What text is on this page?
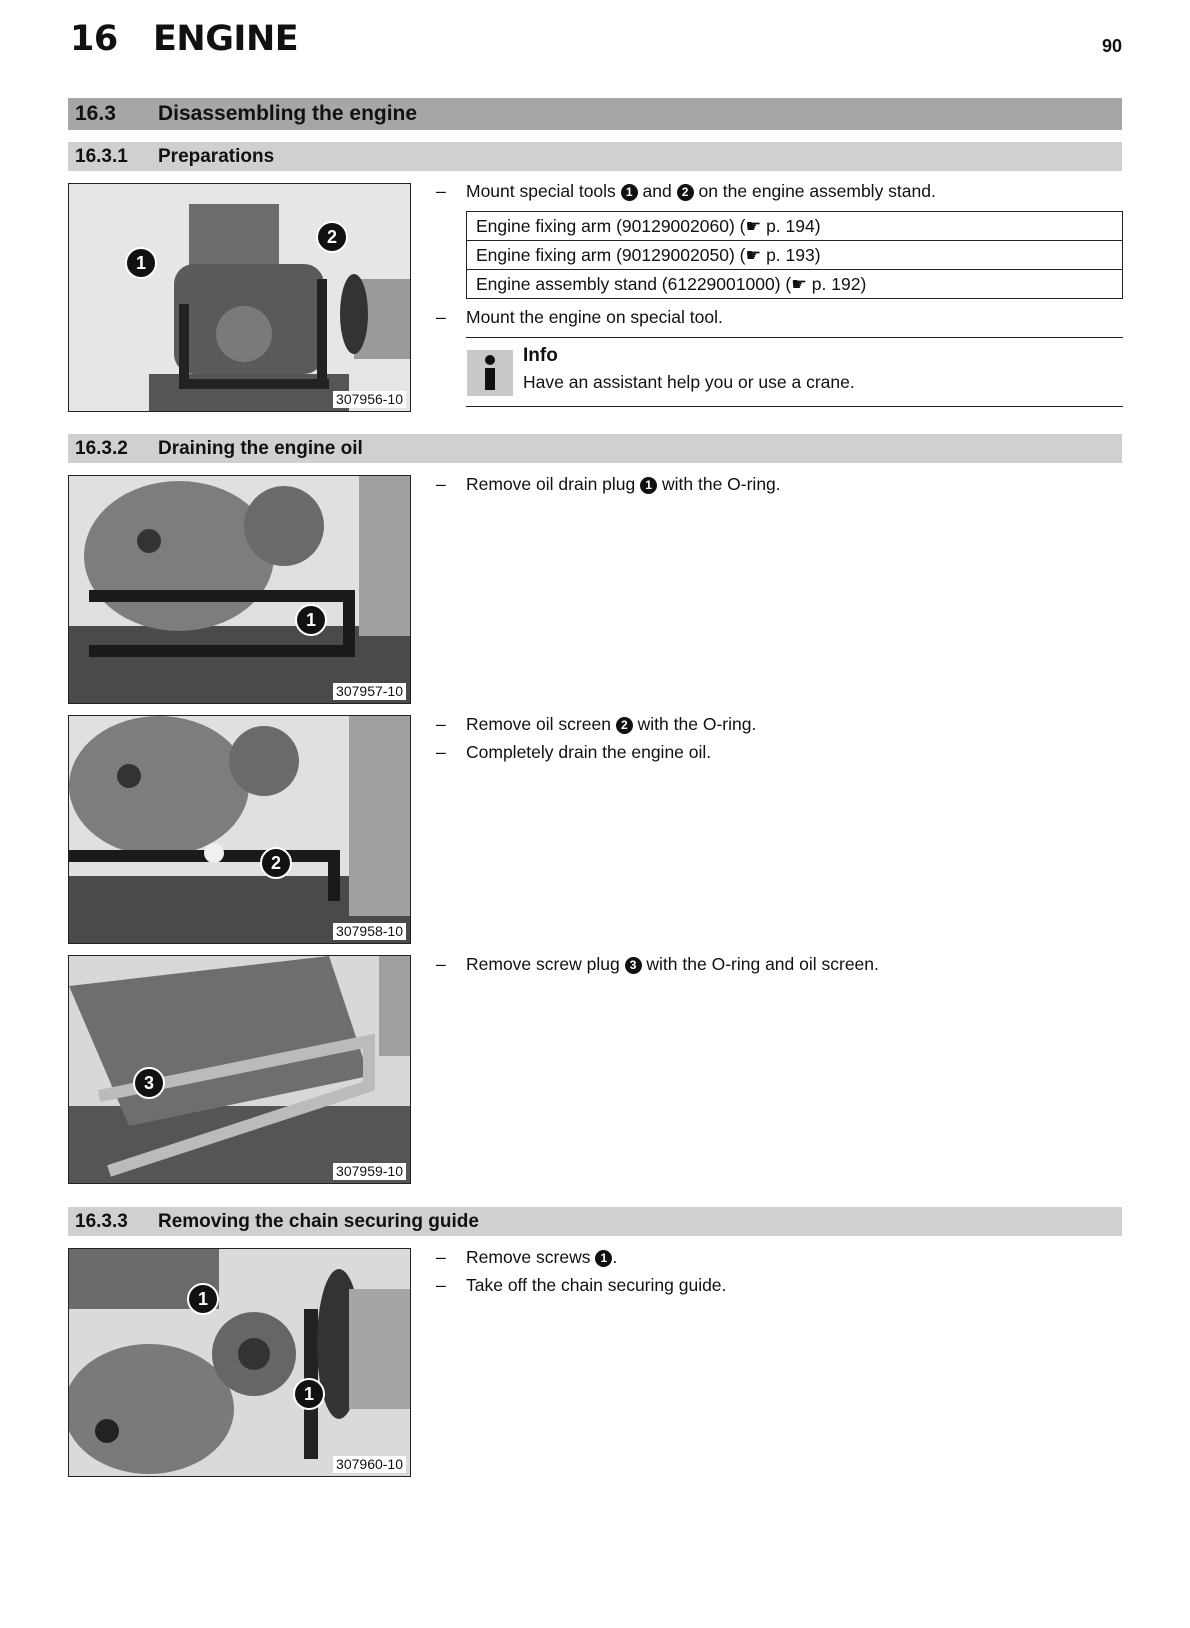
16 ENGINE	90
16.3 Disassembling the engine
16.3.1 Preparations
1
2
307956-10
– Mount special tools 1 and 2 on the engine assembly stand.
Engine fixing arm (90129002060) (☛ p. 194)
Engine fixing arm (90129002050) (☛ p. 193)
Engine assembly stand (61229001000) (☛ p. 192)
– Mount the engine on special tool.
Info
Have an assistant help you or use a crane.
16.3.2 Draining the engine oil
1
307957-10
– Remove oil drain plug 1 with the O-ring.
2
307958-10
– Remove oil screen 2 with the O-ring.
– Completely drain the engine oil.
3
307959-10
– Remove screw plug 3 with the O-ring and oil screen.
16.3.3 Removing the chain securing guide
1
1
307960-10
– Remove screws 1 .
– Take off the chain securing guide.
